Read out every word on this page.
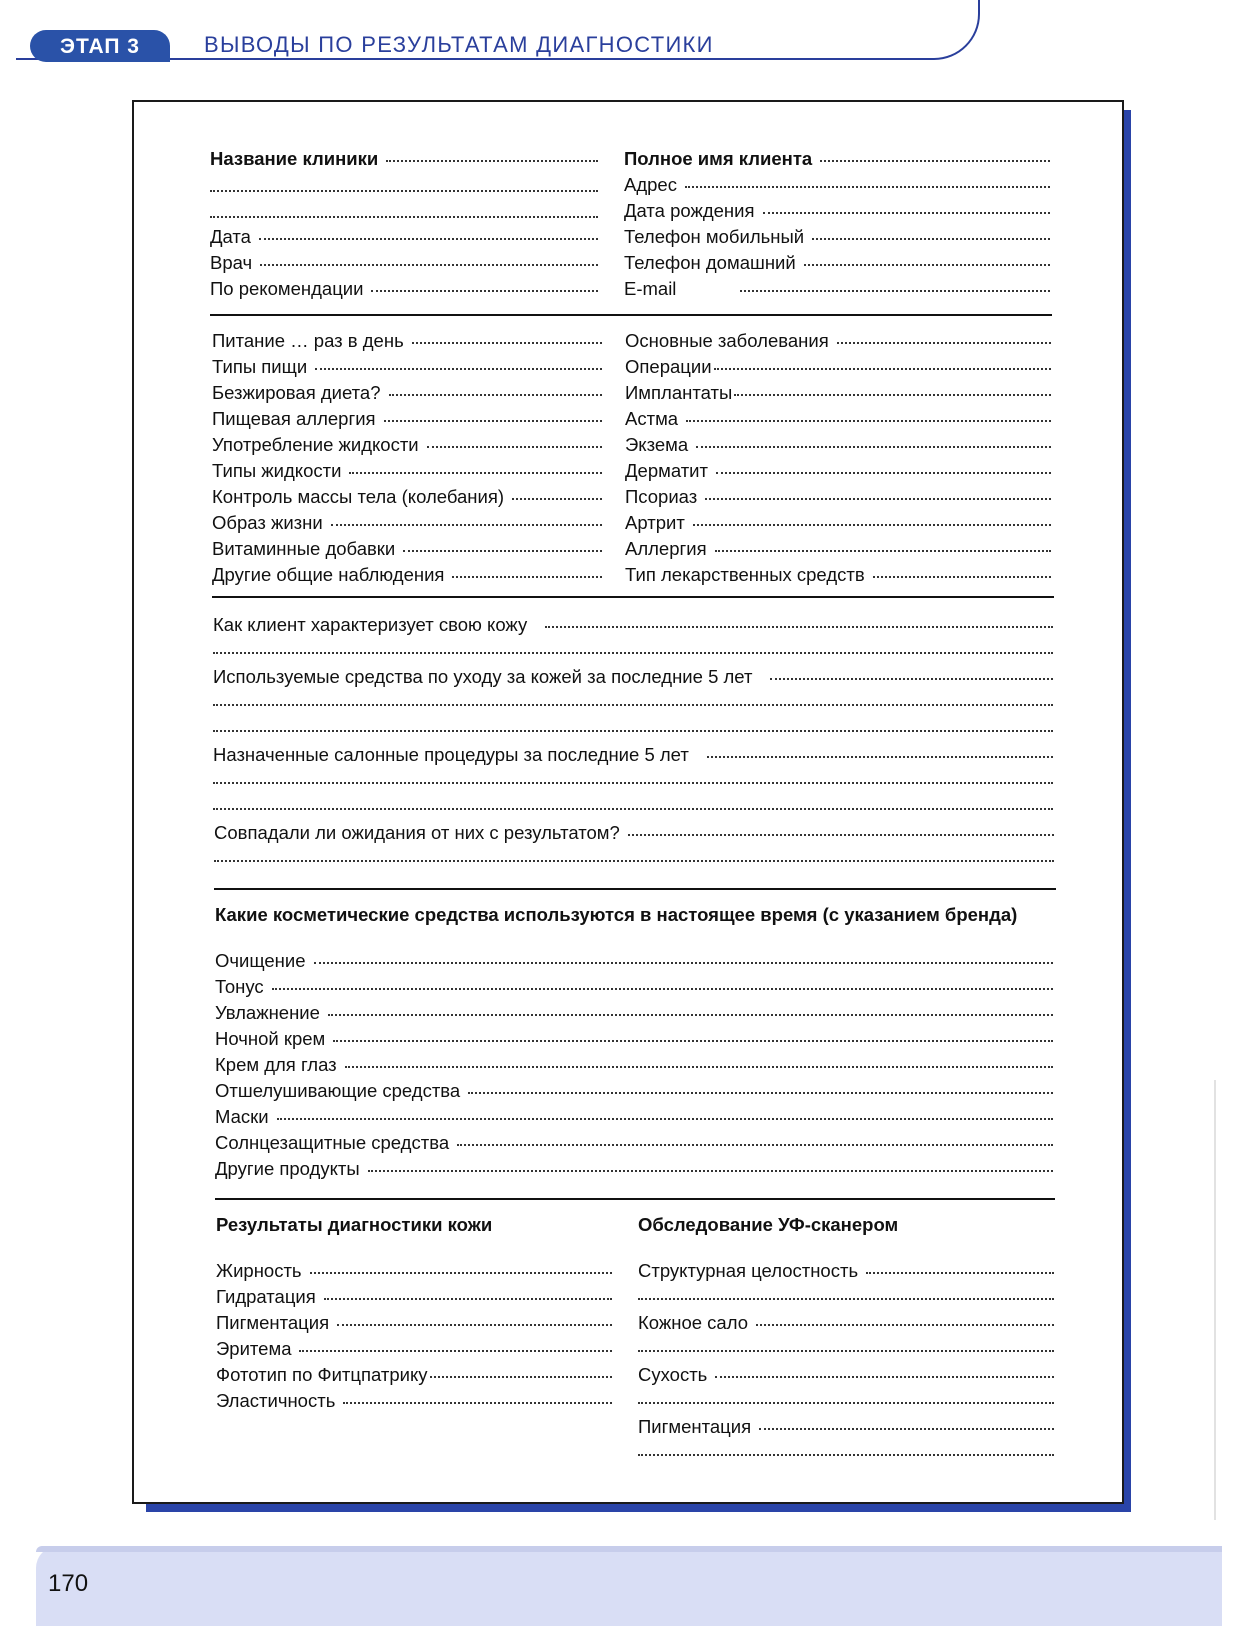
ЭТАП 3	ВЫВОДЫ ПО РЕЗУЛЬТАТАМ ДИАГНОСТИКИ
Название клиники
Дата
Врач
По рекомендации
Полное имя клиента
Адрес
Дата рождения
Телефон мобильный
Телефон домашний
E-mail
Питание … раз в день
Типы пищи
Безжировая диета?
Пищевая аллергия
Употребление жидкости
Типы жидкости
Контроль массы тела (колебания)
Образ жизни
Витаминные добавки
Другие общие наблюдения
Основные заболевания
Операции
Имплантаты
Астма
Экзема
Дерматит
Псориаз
Артрит
Аллергия
Тип лекарственных средств
Как клиент характеризует свою кожу
Используемые средства по уходу за кожей за последние 5 лет
Назначенные салонные процедуры за последние 5 лет
Совпадали ли ожидания от них с результатом?
Какие косметические средства используются в настоящее время (с указанием бренда)
Очищение
Тонус
Увлажнение
Ночной крем
Крем для глаз
Отшелушивающие средства
Маски
Солнцезащитные средства
Другие продукты
Результаты диагностики кожи
Жирность
Гидратация
Пигментация
Эритема
Фототип по Фитцпатрику
Эластичность
Обследование УФ-сканером
Структурная целостность
Кожное сало
Сухость
Пигментация
170
